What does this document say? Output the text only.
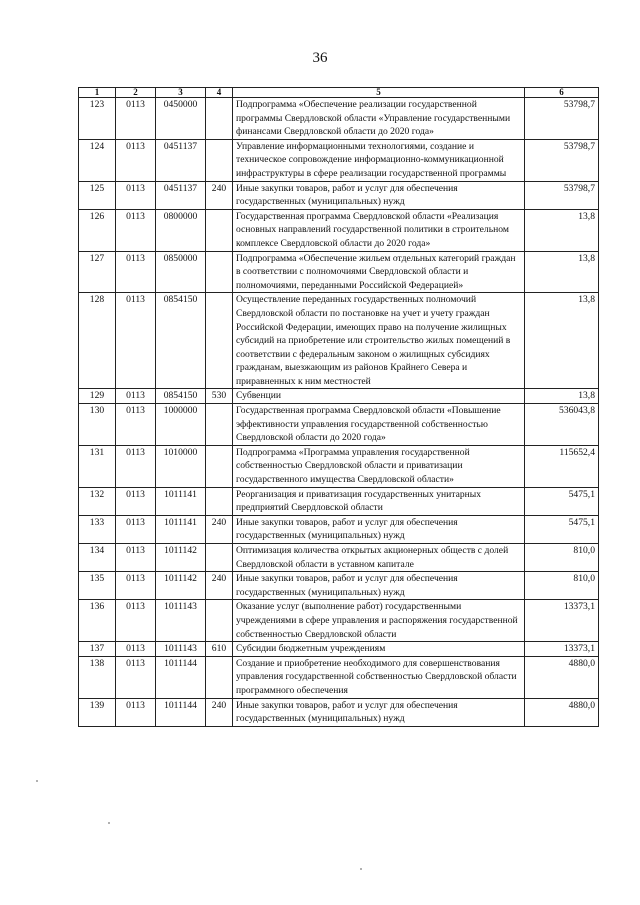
36
1	2	3	4	5	6
123	0113	0450000		Подпрограмма «Обеспечение реализации государственной программы Свердловской области «Управление государственными финансами Свердловской области до 2020 года»	53798,7
124	0113	0451137		Управление информационными технологиями, создание и техническое сопровождение информационно-коммуникационной инфраструктуры в сфере реализации государственной программы	53798,7
125	0113	0451137	240	Иные закупки товаров, работ и услуг для обеспечения государственных (муниципальных) нужд	53798,7
126	0113	0800000		Государственная программа Свердловской области «Реализация основных направлений государственной политики в строительном комплексе Свердловской области до 2020 года»	13,8
127	0113	0850000		Подпрограмма «Обеспечение жильем отдельных категорий граждан в соответствии с полномочиями Свердловской области и полномочиями, переданными Российской Федерацией»	13,8
128	0113	0854150		Осуществление переданных государственных полномочий Свердловской области по постановке на учет и учету граждан Российской Федерации, имеющих право на получение жилищных субсидий на приобретение или строительство жилых помещений в соответствии с федеральным законом о жилищных субсидиях гражданам, выезжающим из районов Крайнего Севера и приравненных к ним местностей	13,8
129	0113	0854150	530	Субвенции	13,8
130	0113	1000000		Государственная программа Свердловской области «Повышение эффективности управления государственной собственностью Свердловской области до 2020 года»	536043,8
131	0113	1010000		Подпрограмма «Программа управления государственной собственностью Свердловской области и приватизации государственного имущества Свердловской области»	115652,4
132	0113	1011141		Реорганизация и приватизация государственных унитарных предприятий Свердловской области	5475,1
133	0113	1011141	240	Иные закупки товаров, работ и услуг для обеспечения государственных (муниципальных) нужд	5475,1
134	0113	1011142		Оптимизация количества открытых акционерных обществ с долей Свердловской области в уставном капитале	810,0
135	0113	1011142	240	Иные закупки товаров, работ и услуг для обеспечения государственных (муниципальных) нужд	810,0
136	0113	1011143		Оказание услуг (выполнение работ) государственными учреждениями в сфере управления и распоряжения государственной собственностью Свердловской области	13373,1
137	0113	1011143	610	Субсидии бюджетным учреждениям	13373,1
138	0113	1011144		Создание и приобретение необходимого для совершенствования управления государственной собственностью Свердловской области программного обеспечения	4880,0
139	0113	1011144	240	Иные закупки товаров, работ и услуг для обеспечения государственных (муниципальных) нужд	4880,0
